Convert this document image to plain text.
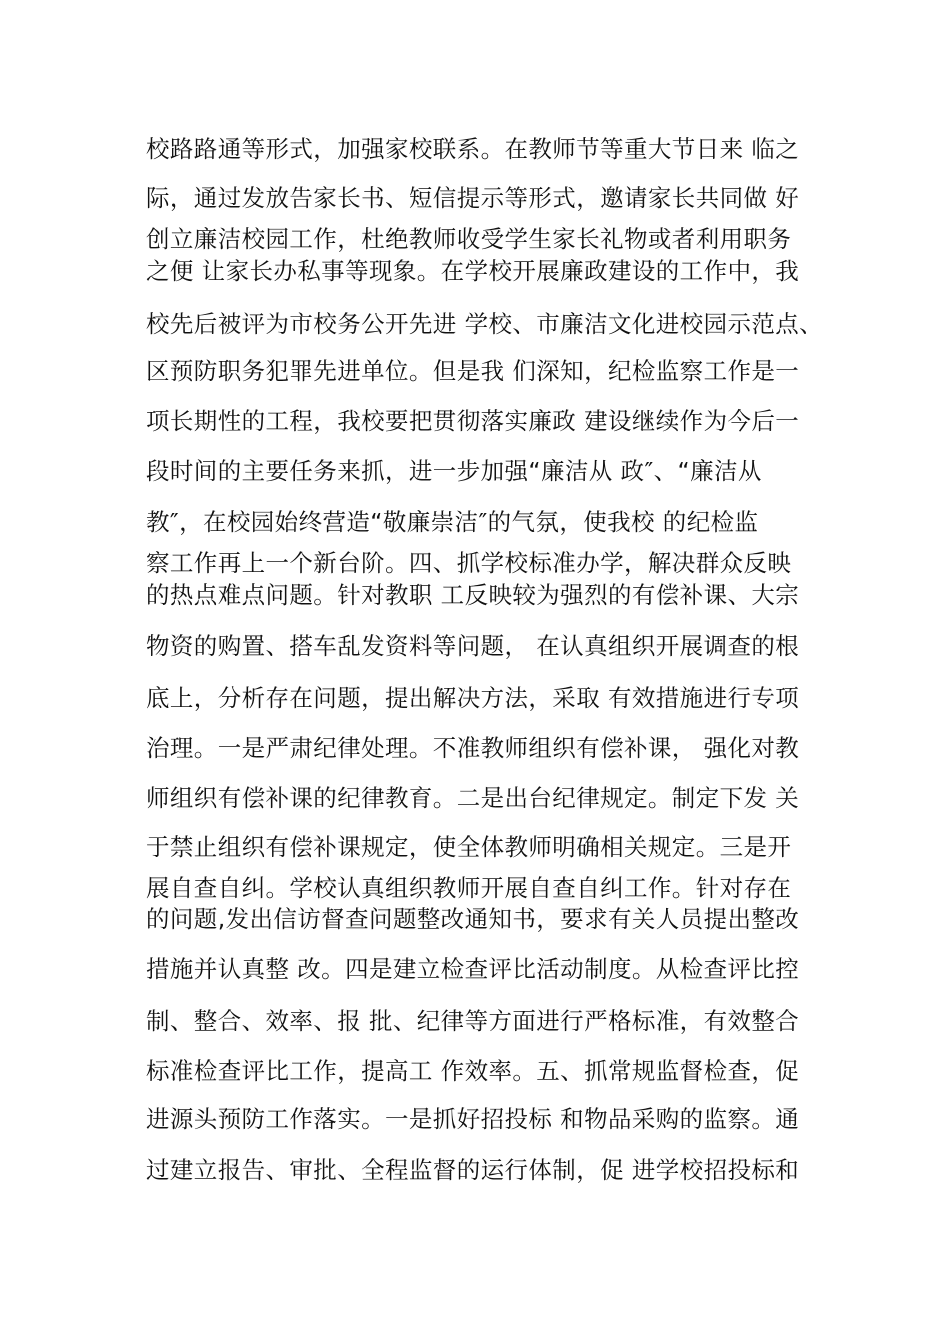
校路路通等形式，加强家校联系。在教师节等重大节日来 临之
际，通过发放告家长书、短信提示等形式，邀请家长共同做 好
创立廉洁校园工作，杜绝教师收受学生家长礼物或者利用职务
之便 让家长办私事等现象。在学校开展廉政建设的工作中，我
校先后被评为市校务公开先进 学校、市廉洁文化进校园示范点、
区预防职务犯罪先进单位。但是我 们深知，纪检监察工作是一
项长期性的工程，我校要把贯彻落实廉政 建设继续作为今后一
段时间的主要任务来抓，进一步加强“廉洁从 政″、“廉洁从
教″，在校园始终营造“敬廉崇洁″的气氛，使我校 的纪检监
察工作再上一个新台阶。四、抓学校标准办学，解决群众反映
的热点难点问题。针对教职 工反映较为强烈的有偿补课、大宗
物资的购置、搭车乱发资料等问题， 在认真组织开展调查的根
底上，分析存在问题，提出解决方法，采取 有效措施进行专项
治理。一是严肃纪律处理。不准教师组织有偿补课， 强化对教
师组织有偿补课的纪律教育。二是出台纪律规定。制定下发 关
于禁止组织有偿补课规定，使全体教师明确相关规定。三是开
展自查自纠。学校认真组织教师开展自查自纠工作。针对存在
的问题,发出信访督查问题整改通知书，要求有关人员提出整改
措施并认真整 改。四是建立检查评比活动制度。从检查评比控
制、整合、效率、报 批、纪律等方面进行严格标准，有效整合
标准检查评比工作，提高工 作效率。五、抓常规监督检查，促
进源头预防工作落实。一是抓好招投标 和物品采购的监察。通
过建立报告、审批、全程监督的运行体制，促 进学校招投标和
